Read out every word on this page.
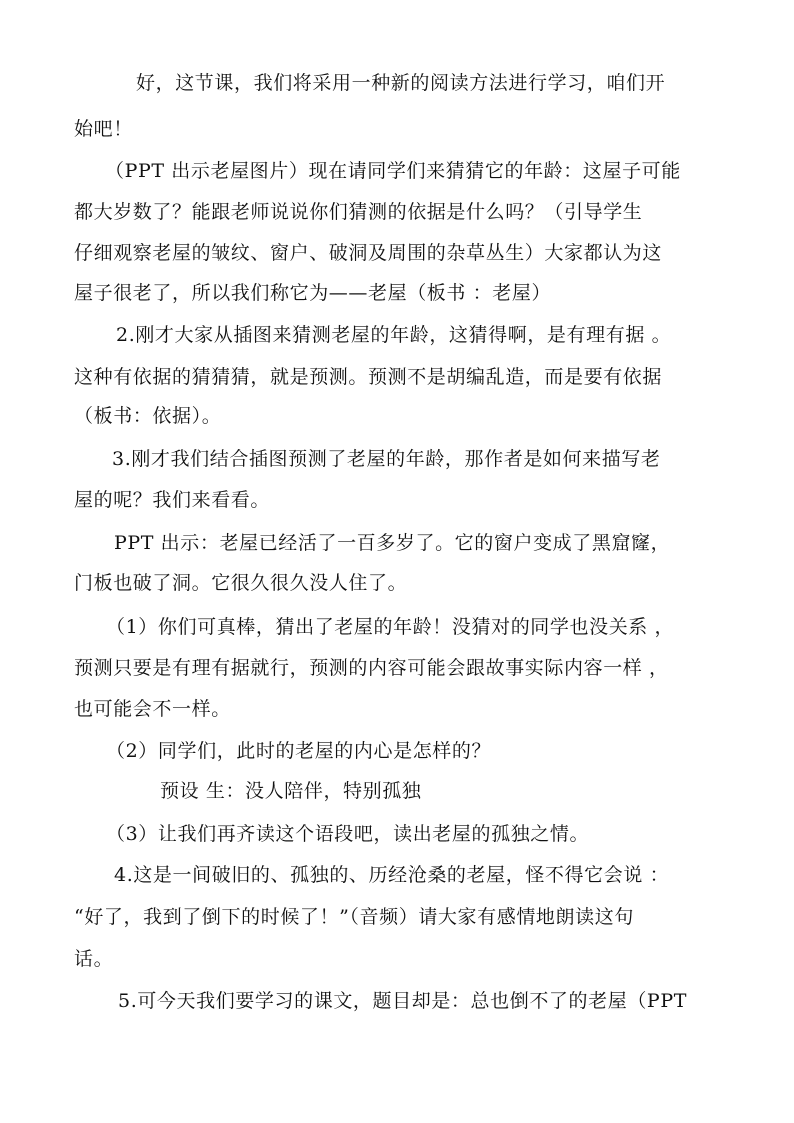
好，这节课，我们将采用一种新的阅读方法进行学习，咱们开
始吧！
（PPT 出示老屋图片）现在请同学们来猜猜它的年龄：这屋子可能
都大岁数了？能跟老师说说你们猜测的依据是什么吗？（引导学生
仔细观察老屋的皱纹、窗户、破洞及周围的杂草丛生）大家都认为这
屋子很老了，所以我们称它为——老屋（板书 ：老屋）
2.刚才大家从插图来猜测老屋的年龄，这猜得啊，是有理有据 。
这种有依据的猜猜猜，就是预测。预测不是胡编乱造，而是要有依据
（板书：依据）。
3.刚才我们结合插图预测了老屋的年龄，那作者是如何来描写老
屋的呢？我们来看看。
PPT 出示：老屋已经活了一百多岁了。它的窗户变成了黑窟窿，
门板也破了洞。它很久很久没人住了。
（1）你们可真棒，猜出了老屋的年龄！没猜对的同学也没关系 ，
预测只要是有理有据就行，预测的内容可能会跟故事实际内容一样 ，
也可能会不一样。
（2）同学们，此时的老屋的内心是怎样的？
预设 生：没人陪伴，特别孤独
（3）让我们再齐读这个语段吧，读出老屋的孤独之情。
4.这是一间破旧的、孤独的、历经沧桑的老屋，怪不得它会说 ：
“好了，我到了倒下的时候了！”（音频）请大家有感情地朗读这句
话。
5.可今天我们要学习的课文，题目却是：总也倒不了的老屋（PPT
